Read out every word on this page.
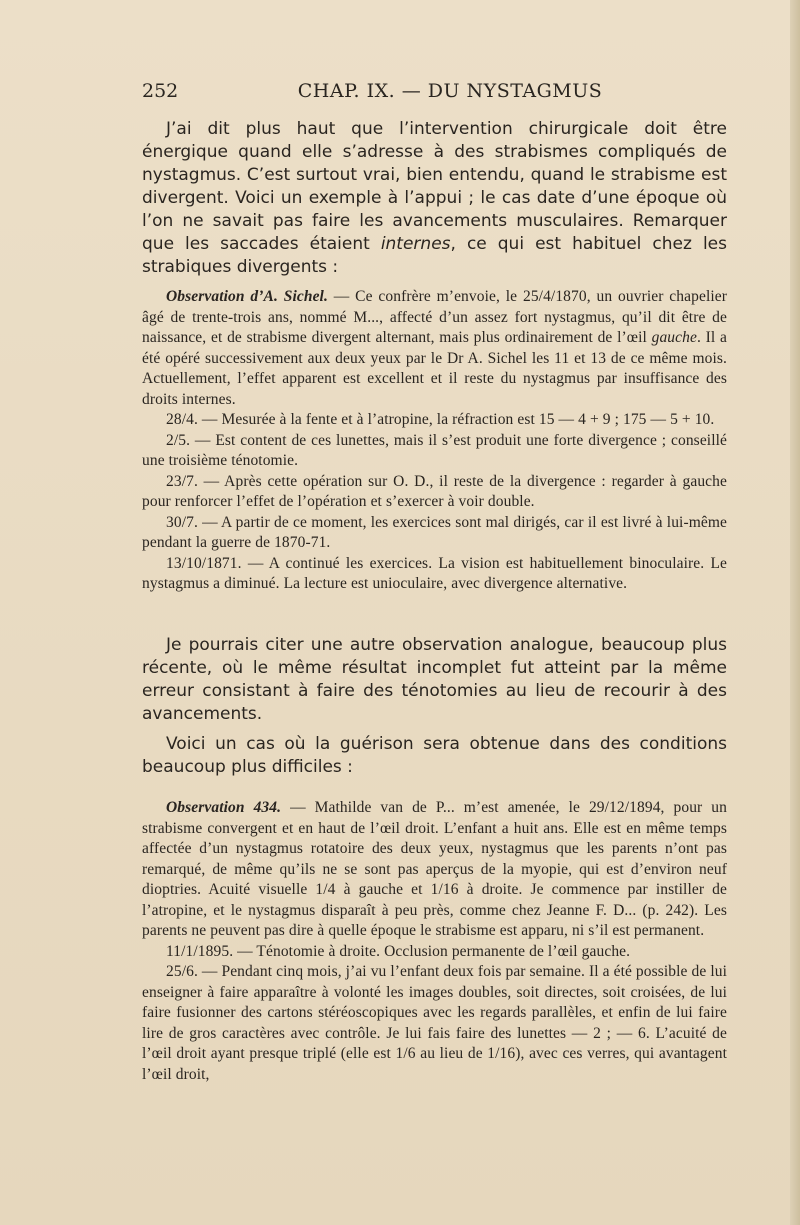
252	CHAP. IX. — DU NYSTAGMUS

J’ai dit plus haut que l’intervention chirurgicale doit être énergique quand elle s’adresse à des strabismes compliqués de nystagmus. C’est surtout vrai, bien entendu, quand le strabisme est divergent. Voici un exemple à l’appui ; le cas date d’une époque où l’on ne savait pas faire les avancements musculaires. Remarquer que les saccades étaient internes, ce qui est habituel chez les strabiques divergents :

Observation d’A. Sichel. — Ce confrère m’envoie, le 25/4/1870, un ouvrier chapelier âgé de trente-trois ans, nommé M..., affecté d’un assez fort nystagmus, qu’il dit être de naissance, et de strabisme divergent alternant, mais plus ordinairement de l’œil gauche. Il a été opéré successivement aux deux yeux par le Dr A. Sichel les 11 et 13 de ce même mois. Actuellement, l’effet apparent est excellent et il reste du nystagmus par insuffisance des droits internes.

28/4. — Mesurée à la fente et à l’atropine, la réfraction est 15 — 4 + 9 ; 175 — 5 + 10.

2/5. — Est content de ces lunettes, mais il s’est produit une forte divergence ; conseillé une troisième ténotomie.

23/7. — Après cette opération sur O. D., il reste de la divergence : regarder à gauche pour renforcer l’effet de l’opération et s’exercer à voir double.

30/7. — A partir de ce moment, les exercices sont mal dirigés, car il est livré à lui-même pendant la guerre de 1870-71.

13/10/1871. — A continué les exercices. La vision est habituellement binoculaire. Le nystagmus a diminué. La lecture est unioculaire, avec divergence alternative.

Je pourrais citer une autre observation analogue, beaucoup plus récente, où le même résultat incomplet fut atteint par la même erreur consistant à faire des ténotomies au lieu de recourir à des avancements.

Voici un cas où la guérison sera obtenue dans des conditions beaucoup plus difficiles :

Observation 434. — Mathilde van de P... m’est amenée, le 29/12/1894, pour un strabisme convergent et en haut de l’œil droit. L’enfant a huit ans. Elle est en même temps affectée d’un nystagmus rotatoire des deux yeux, nystagmus que les parents n’ont pas remarqué, de même qu’ils ne se sont pas aperçus de la myopie, qui est d’environ neuf dioptries. Acuité visuelle 1/4 à gauche et 1/16 à droite. Je commence par instiller de l’atropine, et le nystagmus disparaît à peu près, comme chez Jeanne F. D... (p. 242). Les parents ne peuvent pas dire à quelle époque le strabisme est apparu, ni s’il est permanent.

11/1/1895. — Ténotomie à droite. Occlusion permanente de l’œil gauche.

25/6. — Pendant cinq mois, j’ai vu l’enfant deux fois par semaine. Il a été possible de lui enseigner à faire apparaître à volonté les images doubles, soit directes, soit croisées, de lui faire fusionner des cartons stéréoscopiques avec les regards parallèles, et enfin de lui faire lire de gros caractères avec contrôle. Je lui fais faire des lunettes — 2 ; — 6. L’acuité de l’œil droit ayant presque triplé (elle est 1/6 au lieu de 1/16), avec ces verres, qui avantagent l’œil droit,
